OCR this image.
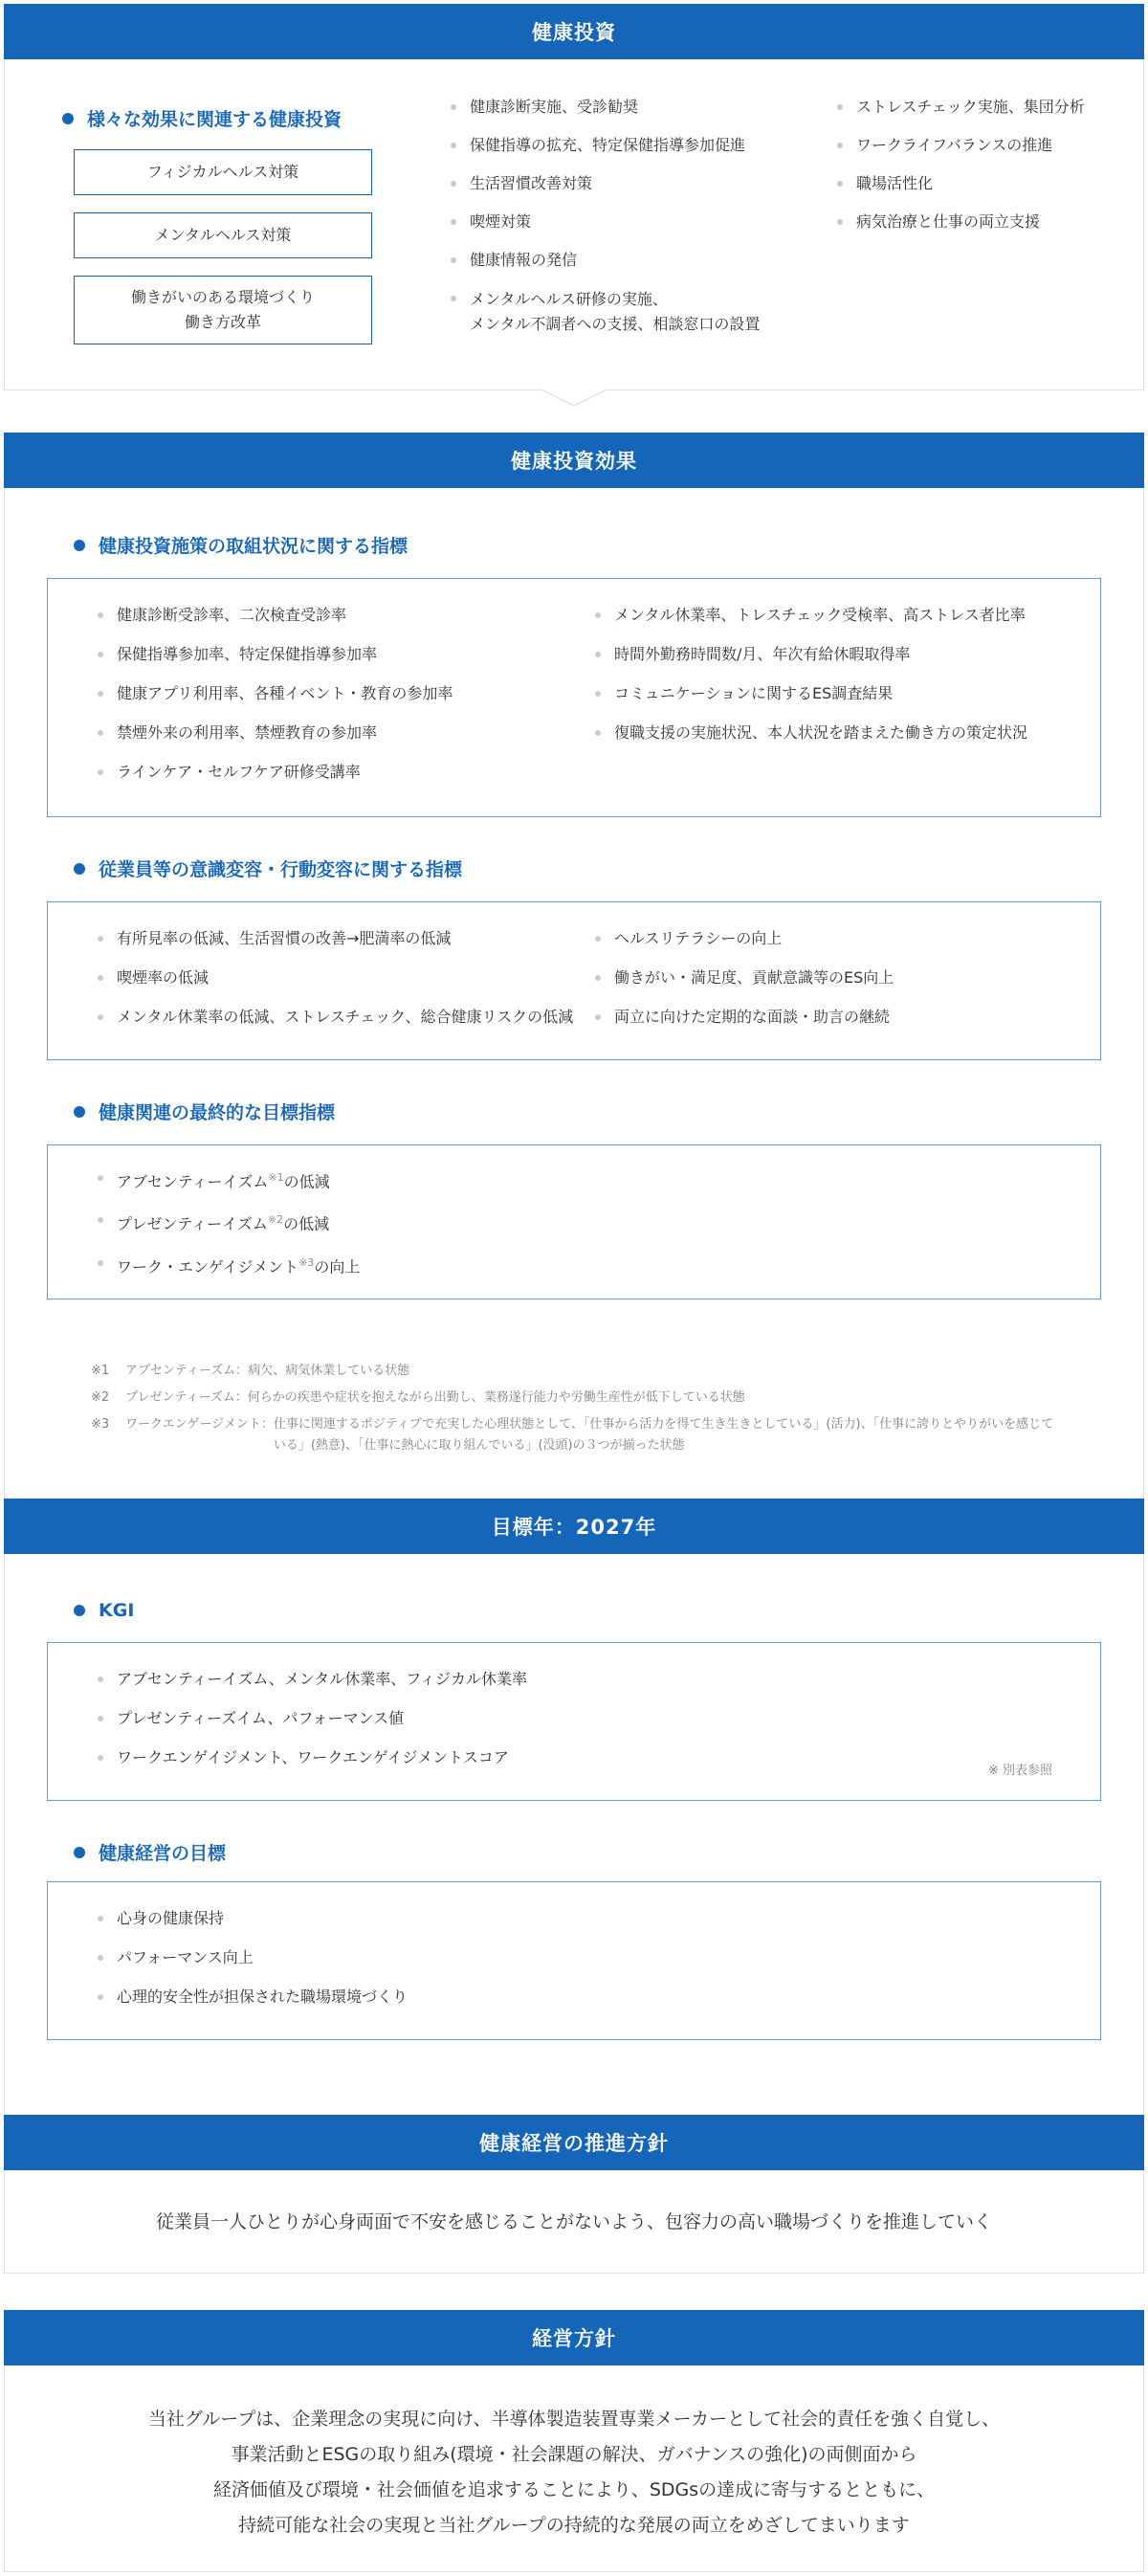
健康投資
様々な効果に関連する健康投資
フィジカルヘルス対策
メンタルヘルス対策
働きがいのある環境づくり
働き方改革
健康診断実施、受診勧奨
保健指導の拡充、特定保健指導参加促進
生活習慣改善対策
喫煙対策
健康情報の発信
メンタルヘルス研修の実施、
メンタル不調者への支援、相談窓口の設置
ストレスチェック実施、集団分析
ワークライフバランスの推進
職場活性化
病気治療と仕事の両立支援
健康投資効果
健康投資施策の取組状況に関する指標
健康診断受診率、二次検査受診率
保健指導参加率、特定保健指導参加率
健康アプリ利用率、各種イベント・教育の参加率
禁煙外来の利用率、禁煙教育の参加率
ラインケア・セルフケア研修受講率
メンタル休業率、トレスチェック受検率、高ストレス者比率
時間外勤務時間数/月、年次有給休暇取得率
コミュニケーションに関するES調査結果
復職支援の実施状況、本人状況を踏まえた働き方の策定状況
従業員等の意識変容・行動変容に関する指標
有所見率の低減、生活習慣の改善→肥満率の低減
喫煙率の低減
メンタル休業率の低減、ストレスチェック、総合健康リスクの低減
ヘルスリテラシーの向上
働きがい・満足度、貢献意識等のES向上
両立に向けた定期的な面談・助言の継続
健康関連の最終的な目標指標
アブセンティーイズム$^{※1}$の低減
プレゼンティーイズム$^{※2}$の低減
ワーク・エンゲイジメント$^{※3}$の向上
※1	アブセンティーズム： 病欠、病気休業している状態
※2	プレゼンティーズム： 何らかの疾患や症状を抱えながら出勤し、業務遂行能力や労働生産性が低下している状態
※3	ワークエンゲージメント： 仕事に関連するポジティブで充実した心理状態として、「仕事から活力を得て生き生きとしている」(活力)、「仕事に誇りとやりがいを感じている」(熱意)、「仕事に熱心に取り組んでいる」(没頭)の３つが揃った状態
目標年：2027年
KGI
アブセンティーイズム、メンタル休業率、フィジカル休業率
プレゼンティーズイム、パフォーマンス値
ワークエンゲイジメント、ワークエンゲイジメントスコア
※ 別表参照
健康経営の目標
心身の健康保持
パフォーマンス向上
心理的安全性が担保された職場環境づくり
健康経営の推進方針

従業員一人ひとりが心身両面で不安を感じることがないよう、包容力の高い職場づくりを推進していく

経営方針

当社グループは、企業理念の実現に向け、半導体製造装置専業メーカーとして社会的責任を強く自覚し、

事業活動とESGの取り組み(環境・社会課題の解決、ガバナンスの強化)の両側面から

経済価値及び環境・社会価値を追求することにより、SDGsの達成に寄与するとともに、

持続可能な社会の実現と当社グループの持続的な発展の両立をめざしてまいります
